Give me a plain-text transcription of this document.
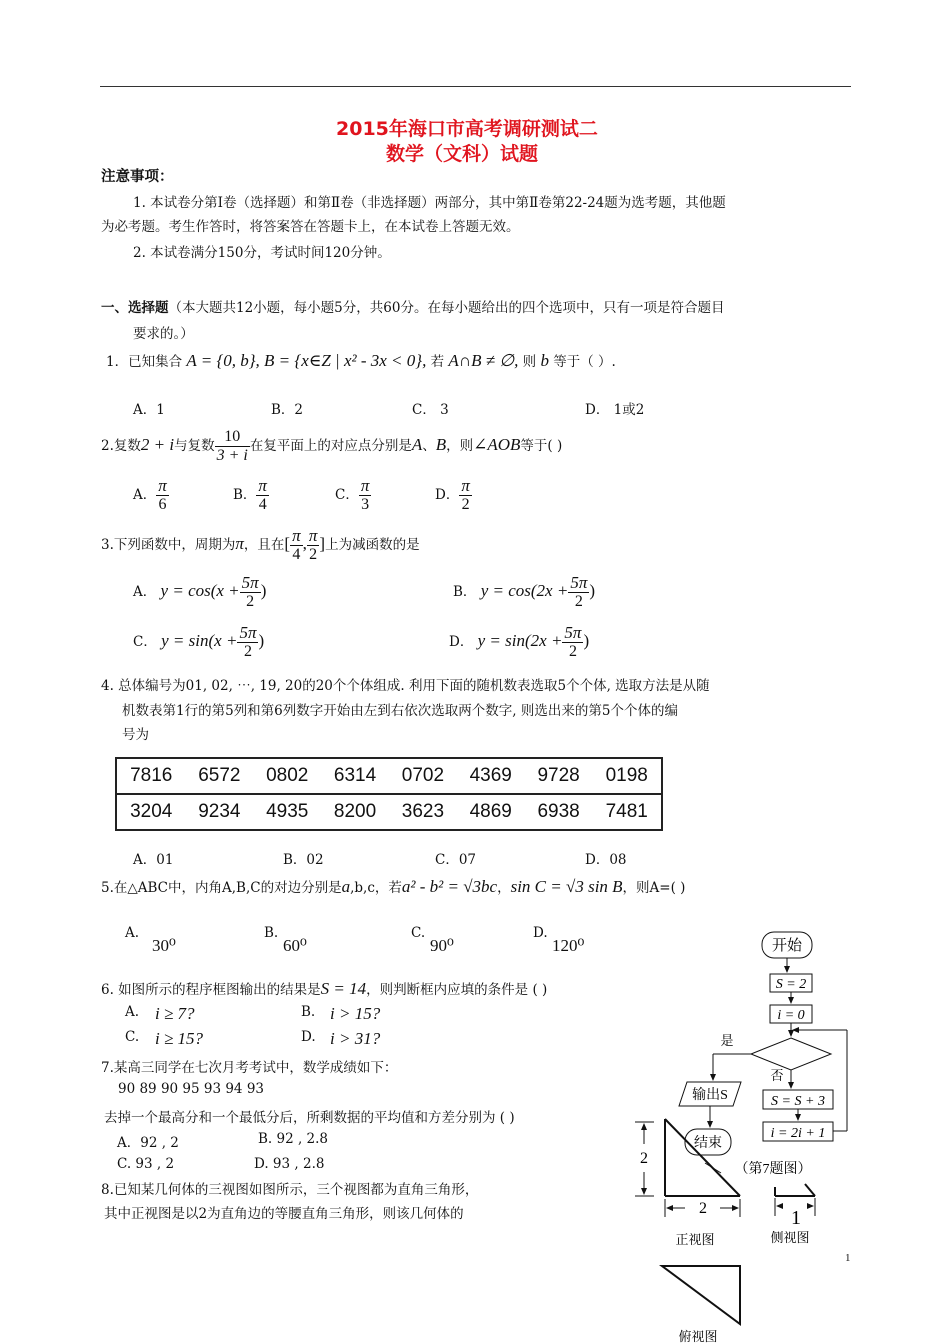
2015年海口市高考调研测试二
数学（文科）试题
注意事项：
1. 本试卷分第Ⅰ卷（选择题）和第Ⅱ卷（非选择题）两部分，其中第Ⅱ卷第22-24题为选考题，其他题
为必考题。考生作答时，将答案答在答题卡上，在本试卷上答题无效。
2. 本试卷满分150分，考试时间120分钟。
一、选择题（本大题共12小题，每小题5分，共60分。在每小题给出的四个选项中，只有一项是符合题目
要求的。）
1．已知集合 A = {0, b}, B = {x∈Z | x² - 3x < 0}, 若 A∩B ≠ ∅, 则 b 等于（ ）.
A．1	B．2	C． 3	D． 1或2
2.复数2 + i与复数 $\frac{10}{3 + i}$ 在复平面上的对应点分别是A、B，则∠AOB等于( )
A． $\frac{\pi}{6}$	B． $\frac{\pi}{4}$	C． $\frac{\pi}{3}$	D． $\frac{\pi}{2}$
3.下列函数中，周期为π，且在[ $\frac{\pi}{4}$ , $\frac{\pi}{2}$ ]上为减函数的是
A． $y = \cos(x + \frac{5\pi}{2}$ )	B． $y = \cos(2x + \frac{5\pi}{2}$ )
C． $y = \sin(x + \frac{5\pi}{2}$ )	D． $y = \sin(2x + \frac{5\pi}{2}$ )
4. 总体编号为01, 02, ⋯, 19, 20的20个个体组成. 利用下面的随机数表选取5个个体, 选取方法是从随
机数表第1行的第5列和第6列数字开始由左到右依次选取两个数字, 则选出来的第5个个体的编
号为
7816	6572	0802	6314	0702	4369	9728	0198
3204	9234	4935	8200	3623	4869	6938	7481
A．01	B．02	C．07	D．08
5.在△ABC中，内角A,B,C的对边分别是a,b,c，若a² - b² = √3bc，sin C = √3 sin B，则A=( )
A.
30⁰
B.
60⁰
C.
90⁰
D.
120⁰
6. 如图所示的程序框图输出的结果是S = 14，则判断框内应填的条件是 ( )
A. i ≥ 7?	B. i > 15?
C. i ≥ 15?	D. i > 31?
7.某高三同学在七次月考考试中，数学成绩如下：
90 89 90 95 93 94 93
去掉一个最高分和一个最低分后，所剩数据的平均值和方差分别为 ( )
A．92 , 2	B. 92 , 2.8
C. 93 , 2	D. 93 , 2.8
8.已知某几何体的三视图如图所示，三个视图都为直角三角形，
其中正视图是以2为直角边的等腰直角三角形，则该几何体的
开始
S = 2
i = 0
是
输出S
结束
否
S = S + 3
i = 2i + 1
（第7题图）
2
2
正视图
1
侧视图
俯视图
1
